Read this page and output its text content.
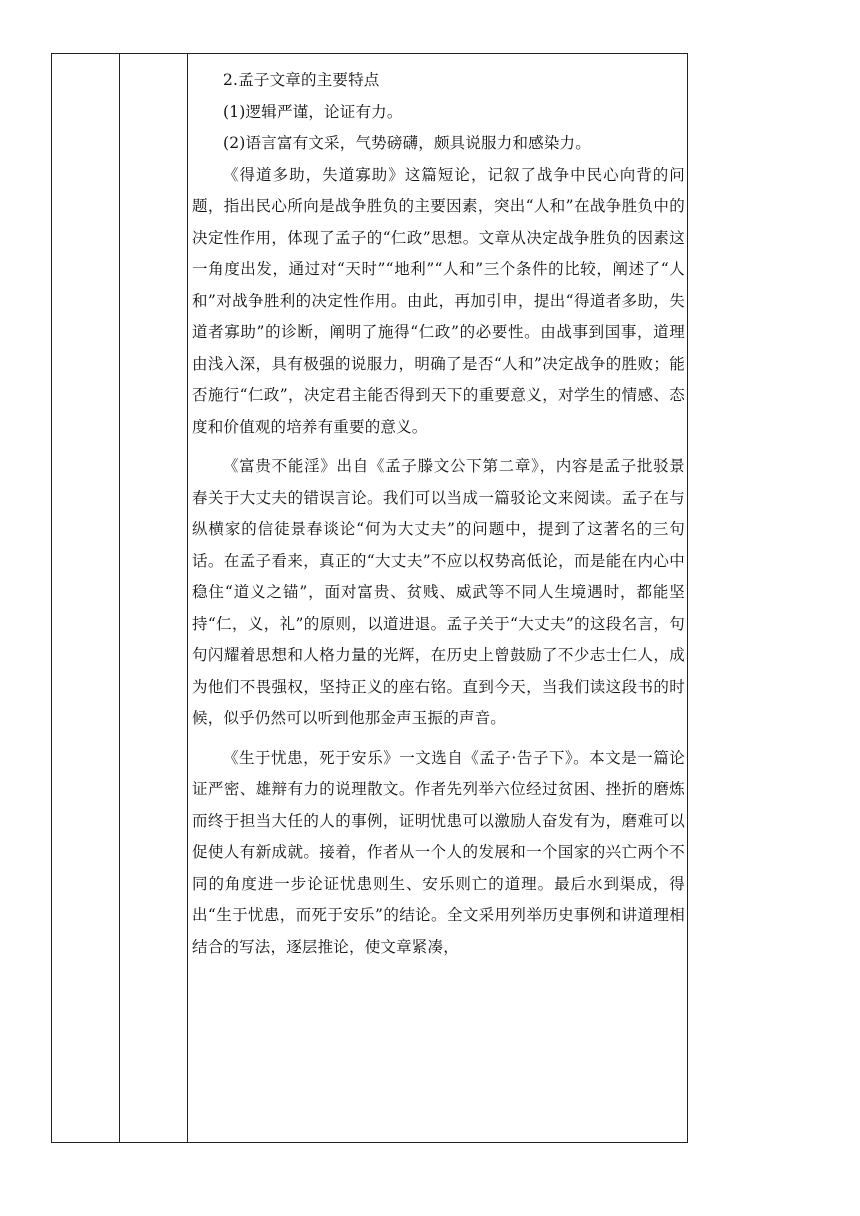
2.孟子文章的主要特点

(1)逻辑严谨，论证有力。

(2)语言富有文采，气势磅礴，颇具说服力和感染力。

《得道多助，失道寡助》这篇短论，记叙了战争中民心向背的问题，指出民心所向是战争胜负的主要因素，突出“人和”在战争胜负中的决定性作用，体现了孟子的“仁政”思想。文章从决定战争胜负的因素这一角度出发，通过对“天时”“地利”“人和”三个条件的比较，阐述了“人和”对战争胜利的决定性作用。由此，再加引申，提出“得道者多助，失道者寡助”的诊断，阐明了施得“仁政”的必要性。由战事到国事，道理由浅入深，具有极强的说服力，明确了是否“人和”决定战争的胜败；能否施行“仁政”，决定君主能否得到天下的重要意义，对学生的情感、态度和价值观的培养有重要的意义。

《富贵不能淫》出自《孟子滕文公下第二章》，内容是孟子批驳景春关于大丈夫的错误言论。我们可以当成一篇驳论文来阅读。孟子在与纵横家的信徒景春谈论“何为大丈夫”的问题中，提到了这著名的三句话。在孟子看来，真正的“大丈夫”不应以权势高低论，而是能在内心中稳住“道义之锚”，面对富贵、贫贱、威武等不同人生境遇时，都能坚持“仁，义，礼”的原则，以道进退。孟子关于“大丈夫”的这段名言，句句闪耀着思想和人格力量的光辉，在历史上曾鼓励了不少志士仁人，成为他们不畏强权，坚持正义的座右铭。直到今天，当我们读这段书的时候，似乎仍然可以听到他那金声玉振的声音。

《生于忧患，死于安乐》一文选自《孟子·告子下》。本文是一篇论证严密、雄辩有力的说理散文。作者先列举六位经过贫困、挫折的磨炼而终于担当大任的人的事例，证明忧患可以激励人奋发有为，磨难可以促使人有新成就。接着，作者从一个人的发展和一个国家的兴亡两个不同的角度进一步论证忧患则生、安乐则亡的道理。最后水到渠成，得出“生于忧患，而死于安乐”的结论。全文采用列举历史事例和讲道理相结合的写法，逐层推论，使文章紧凑，
